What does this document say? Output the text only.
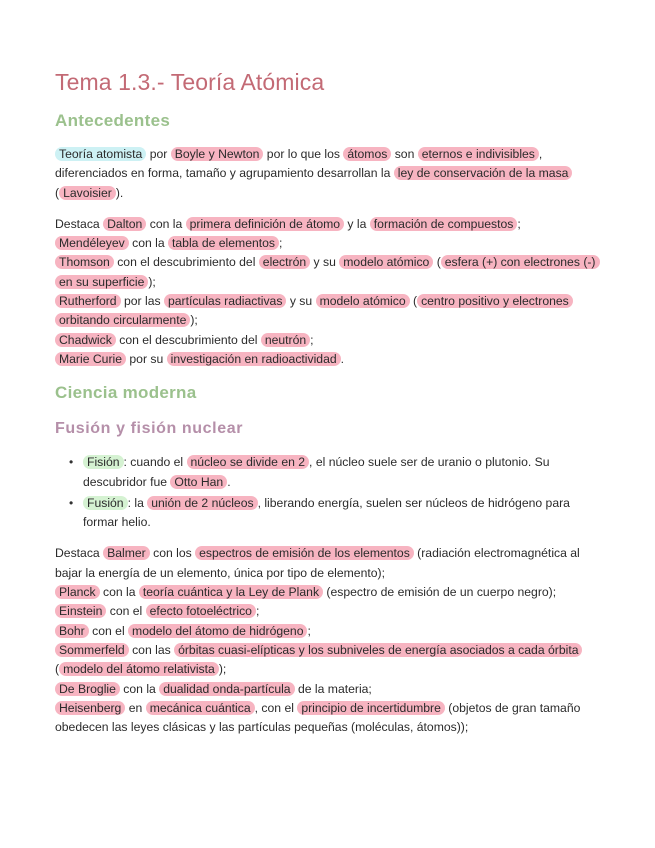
Tema 1.3.- Teoría Atómica
Antecedentes

Teoría atomista por Boyle y Newton por lo que los átomos son eternos e indivisibles , diferenciados en forma, tamaño y agrupamiento desarrollan la ley de conservación de la masa ( Lavoisier ).

Destaca Dalton con la primera definición de átomo y la formación de compuestos ;
Mendéleyev con la tabla de elementos ;
Thomson con el descubrimiento del electrón y su modelo atómico ( esfera (+) con electrones (-) en su superficie );
Rutherford por las partículas radiactivas y su modelo atómico ( centro positivo y electrones orbitando circularmente );
Chadwick con el descubrimiento del neutrón ;
Marie Curie por su investigación en radioactividad .

Ciencia moderna
Fusión y fisión nuclear
• Fisión : cuando el núcleo se divide en 2 , el núcleo suele ser de uranio o plutonio. Su descubridor fue Otto Han .
• Fusión : la unión de 2 núcleos , liberando energía, suelen ser núcleos de hidrógeno para formar helio.

Destaca Balmer con los espectros de emisión de los elementos (radiación electromagnética al bajar la energía de un elemento, única por tipo de elemento);
Planck con la teoría cuántica y la Ley de Plank (espectro de emisión de un cuerpo negro);
Einstein con el efecto fotoeléctrico ;
Bohr con el modelo del átomo de hidrógeno ;
Sommerfeld con las órbitas cuasi-elípticas y los subniveles de energía asociados a cada órbita ( modelo del átomo relativista );
De Broglie con la dualidad onda-partícula de la materia;
Heisenberg en mecánica cuántica , con el principio de incertidumbre (objetos de gran tamaño obedecen las leyes clásicas y las partículas pequeñas (moléculas, átomos));
